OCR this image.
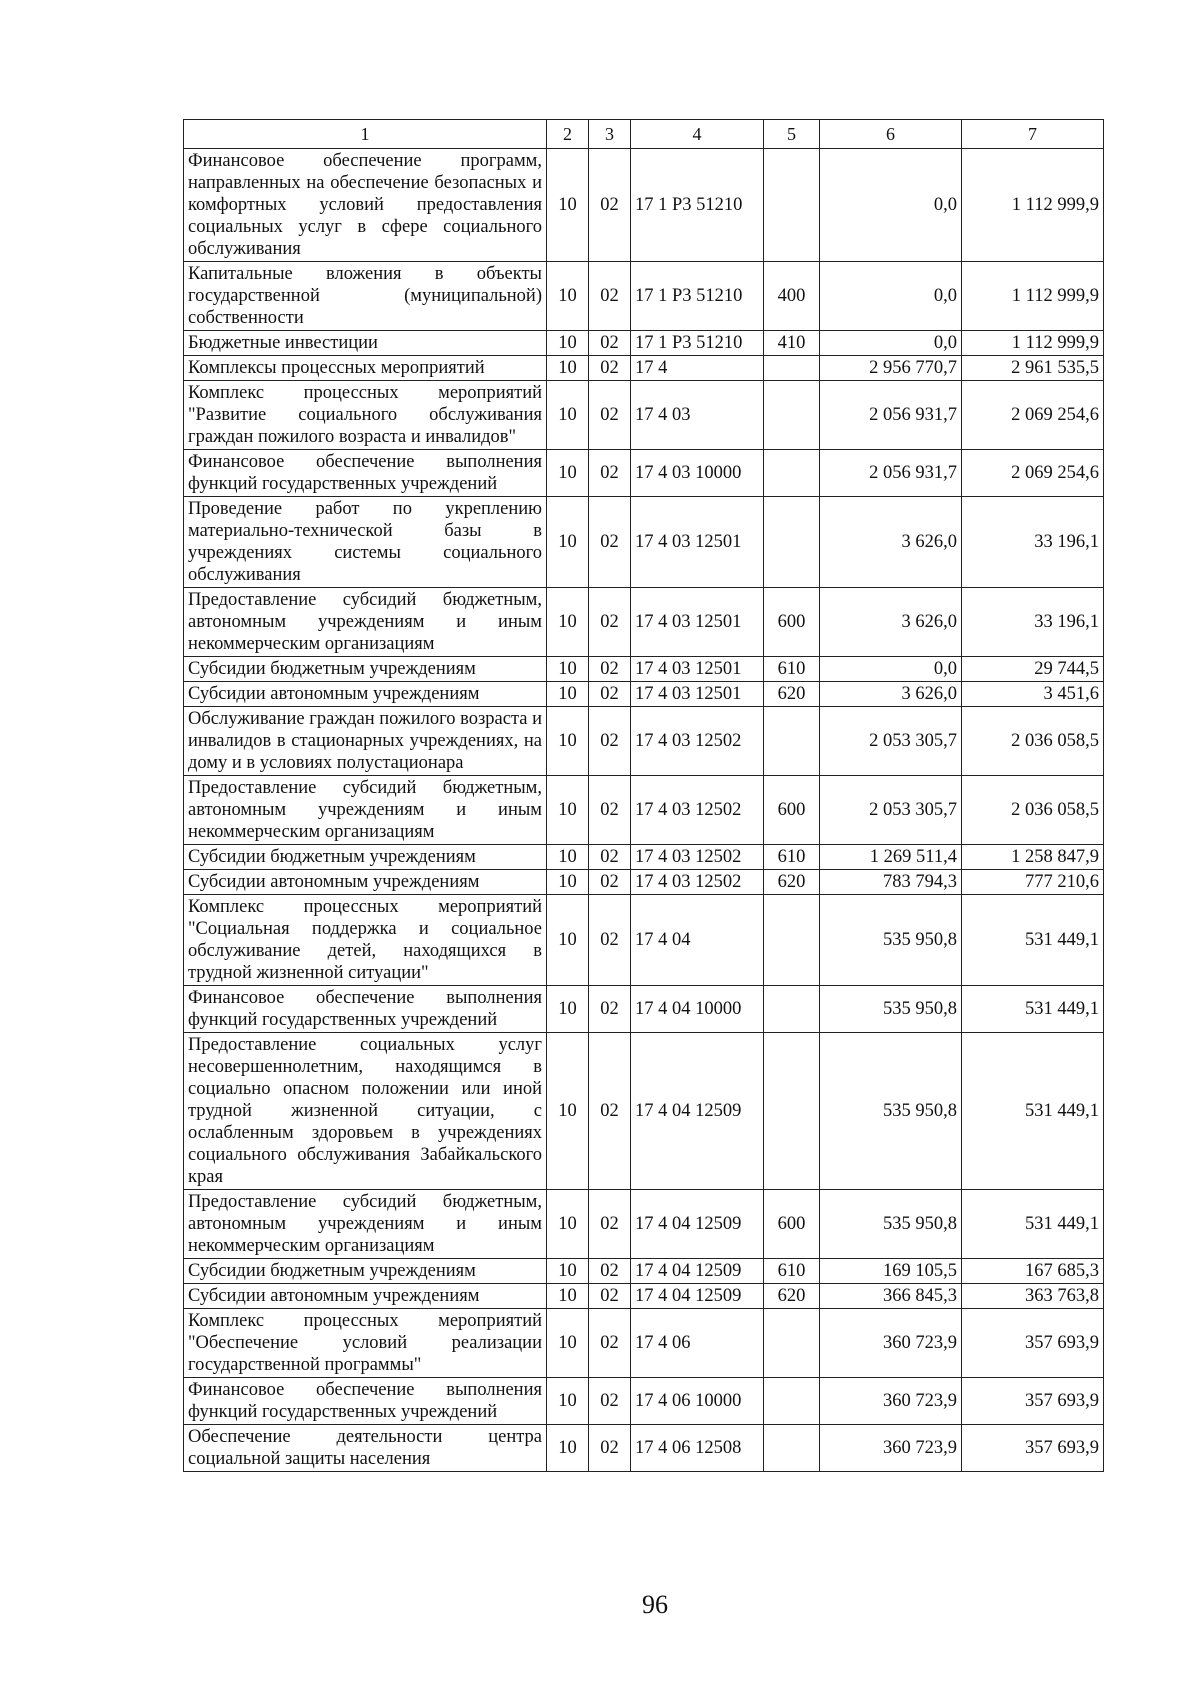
1	2	3	4	5	6	7
Финансовое обеспечение программ, направленных на обеспечение безопасных и комфортных условий предоставления социальных услуг в сфере социального обслуживания	10	02	17 1 Р3 51210		0,0	1 112 999,9
Капитальные вложения в объекты государственной (муниципальной) собственности	10	02	17 1 Р3 51210	400	0,0	1 112 999,9
Бюджетные инвестиции	10	02	17 1 Р3 51210	410	0,0	1 112 999,9
Комплексы процессных мероприятий	10	02	17 4		2 956 770,7	2 961 535,5
Комплекс процессных мероприятий "Развитие социального обслуживания граждан пожилого возраста и инвалидов"	10	02	17 4 03		2 056 931,7	2 069 254,6
Финансовое обеспечение выполнения функций государственных учреждений	10	02	17 4 03 10000		2 056 931,7	2 069 254,6
Проведение работ по укреплению материально-технической базы в учреждениях системы социального обслуживания	10	02	17 4 03 12501		3 626,0	33 196,1
Предоставление субсидий бюджетным, автономным учреждениям и иным некоммерческим организациям	10	02	17 4 03 12501	600	3 626,0	33 196,1
Субсидии бюджетным учреждениям	10	02	17 4 03 12501	610	0,0	29 744,5
Субсидии автономным учреждениям	10	02	17 4 03 12501	620	3 626,0	3 451,6
Обслуживание граждан пожилого возраста и инвалидов в стационарных учреждениях, на дому и в условиях полустационара	10	02	17 4 03 12502		2 053 305,7	2 036 058,5
Предоставление субсидий бюджетным, автономным учреждениям и иным некоммерческим организациям	10	02	17 4 03 12502	600	2 053 305,7	2 036 058,5
Субсидии бюджетным учреждениям	10	02	17 4 03 12502	610	1 269 511,4	1 258 847,9
Субсидии автономным учреждениям	10	02	17 4 03 12502	620	783 794,3	777 210,6
Комплекс процессных мероприятий "Социальная поддержка и социальное обслуживание детей, находящихся в трудной жизненной ситуации"	10	02	17 4 04		535 950,8	531 449,1
Финансовое обеспечение выполнения функций государственных учреждений	10	02	17 4 04 10000		535 950,8	531 449,1
Предоставление социальных услуг несовершеннолетним, находящимся в социально опасном положении или иной трудной жизненной ситуации, с ослабленным здоровьем в учреждениях социального обслуживания Забайкальского края	10	02	17 4 04 12509		535 950,8	531 449,1
Предоставление субсидий бюджетным, автономным учреждениям и иным некоммерческим организациям	10	02	17 4 04 12509	600	535 950,8	531 449,1
Субсидии бюджетным учреждениям	10	02	17 4 04 12509	610	169 105,5	167 685,3
Субсидии автономным учреждениям	10	02	17 4 04 12509	620	366 845,3	363 763,8
Комплекс процессных мероприятий "Обеспечение условий реализации государственной программы"	10	02	17 4 06		360 723,9	357 693,9
Финансовое обеспечение выполнения функций государственных учреждений	10	02	17 4 06 10000		360 723,9	357 693,9
Обеспечение деятельности центра социальной защиты населения	10	02	17 4 06 12508		360 723,9	357 693,9
96
